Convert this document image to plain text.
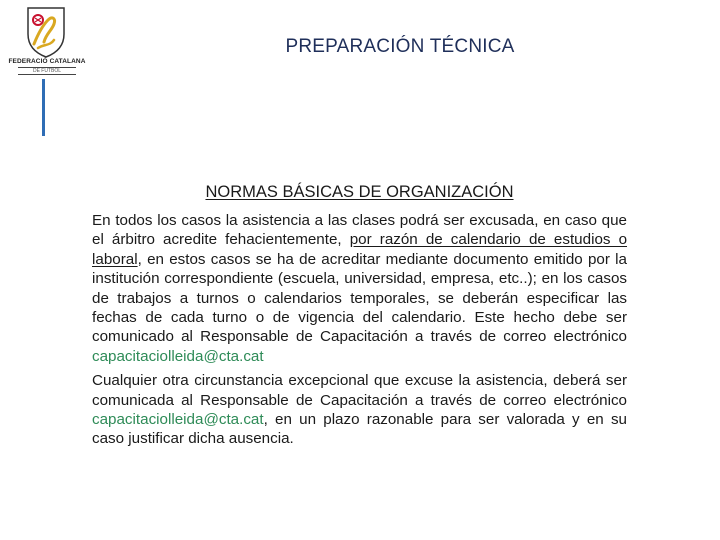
FEDERACIÓ CATALANA
DE FUTBOL
PREPARACIÓN TÉCNICA
NORMAS BÁSICAS DE ORGANIZACIÓN

En todos los casos la asistencia a las clases podrá ser excusada, en caso que el árbitro acredite fehacientemente, por razón de calendario de estudios o laboral, en estos casos se ha de acreditar mediante documento emitido por la institución correspondiente (escuela, universidad, empresa, etc..); en los casos de trabajos a turnos o calendarios temporales, se deberán especificar las fechas de cada turno o de vigencia del calendario. Este hecho debe ser comunicado al Responsable de Capacitación a través de correo electrónico capacitaciolleida@cta.cat

Cualquier otra circunstancia excepcional que excuse la asistencia, deberá ser comunicada al Responsable de Capacitación a través de correo electrónico capacitaciolleida@cta.cat, en un plazo razonable para ser valorada y en su caso justificar dicha ausencia.
